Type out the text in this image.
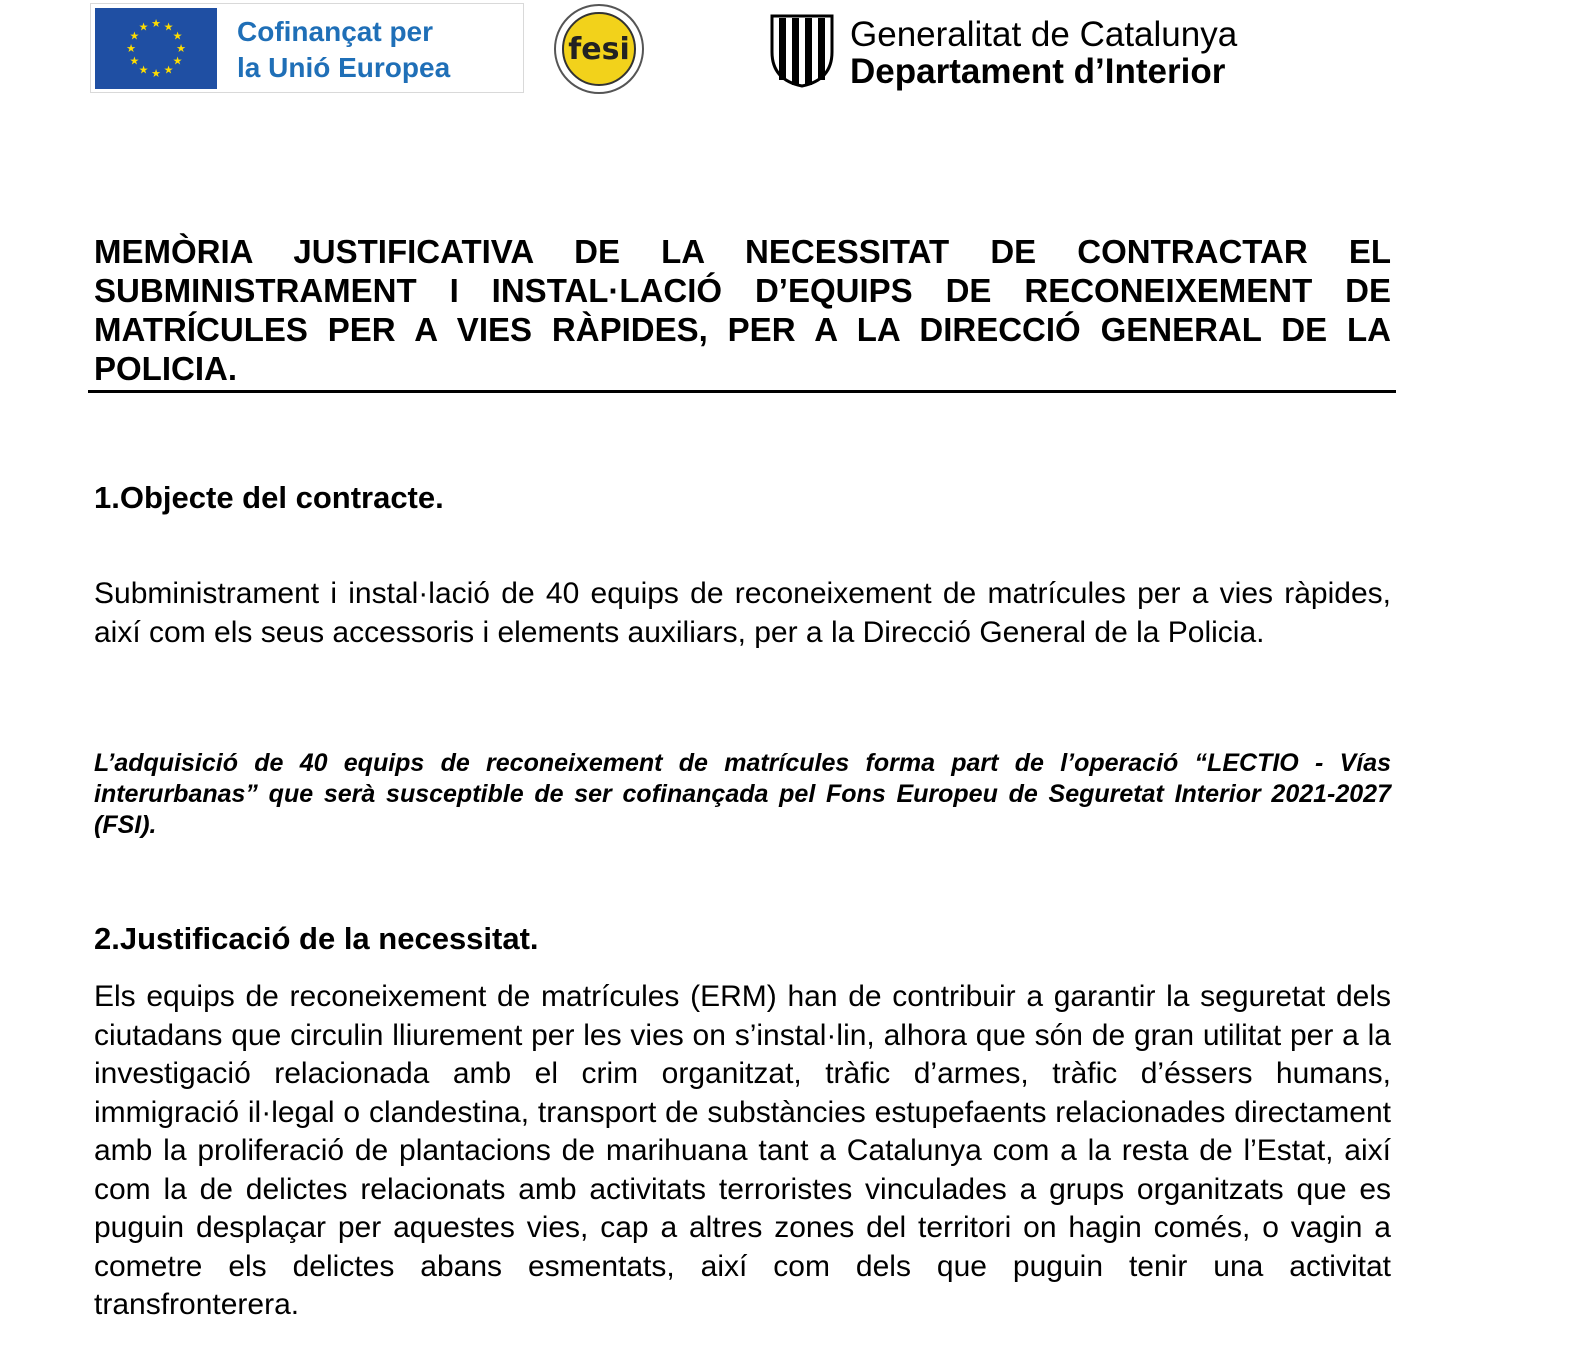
★ ★
★
★
★
★
★
★
★
★
★
★	Cofinançat per
la Unió Europea
fesi	Generalitat de Catalunya
Departament d’Interior
MEMÒRIA JUSTIFICATIVA DE LA NECESSITAT DE CONTRACTAR EL SUBMINISTRAMENT I INSTAL·LACIÓ D’EQUIPS DE RECONEIXEMENT DE MATRÍCULES PER A VIES RÀPIDES, PER A LA DIRECCIÓ GENERAL DE LA POLICIA.
1.Objecte del contracte.

Subministrament i instal·lació de 40 equips de reconeixement de matrícules per a vies ràpides, així com els seus accessoris i elements auxiliars, per a la Direcció General de la Policia.

L’adquisició de 40 equips de reconeixement de matrícules forma part de l’operació “LECTIO - Vías interurbanas” que serà susceptible de ser cofinançada pel Fons Europeu de Seguretat Interior 2021-2027 (FSI).

2.Justificació de la necessitat.

Els equips de reconeixement de matrícules (ERM) han de contribuir a garantir la seguretat dels ciutadans que circulin lliurement per les vies on s’instal·lin, alhora que són de gran utilitat per a la investigació relacionada amb el crim organitzat, tràfic d’armes, tràfic d’éssers humans, immigració il·legal o clandestina, transport de substàncies estupefaents relacionades directament amb la proliferació de plantacions de marihuana tant a Catalunya com a la resta de l’Estat, així com la de delictes relacionats amb activitats terroristes vinculades a grups organitzats que es puguin desplaçar per aquestes vies, cap a altres zones del territori on hagin comés, o vagin a cometre els delictes abans esmentats, així com dels que puguin tenir una activitat transfronterera.
